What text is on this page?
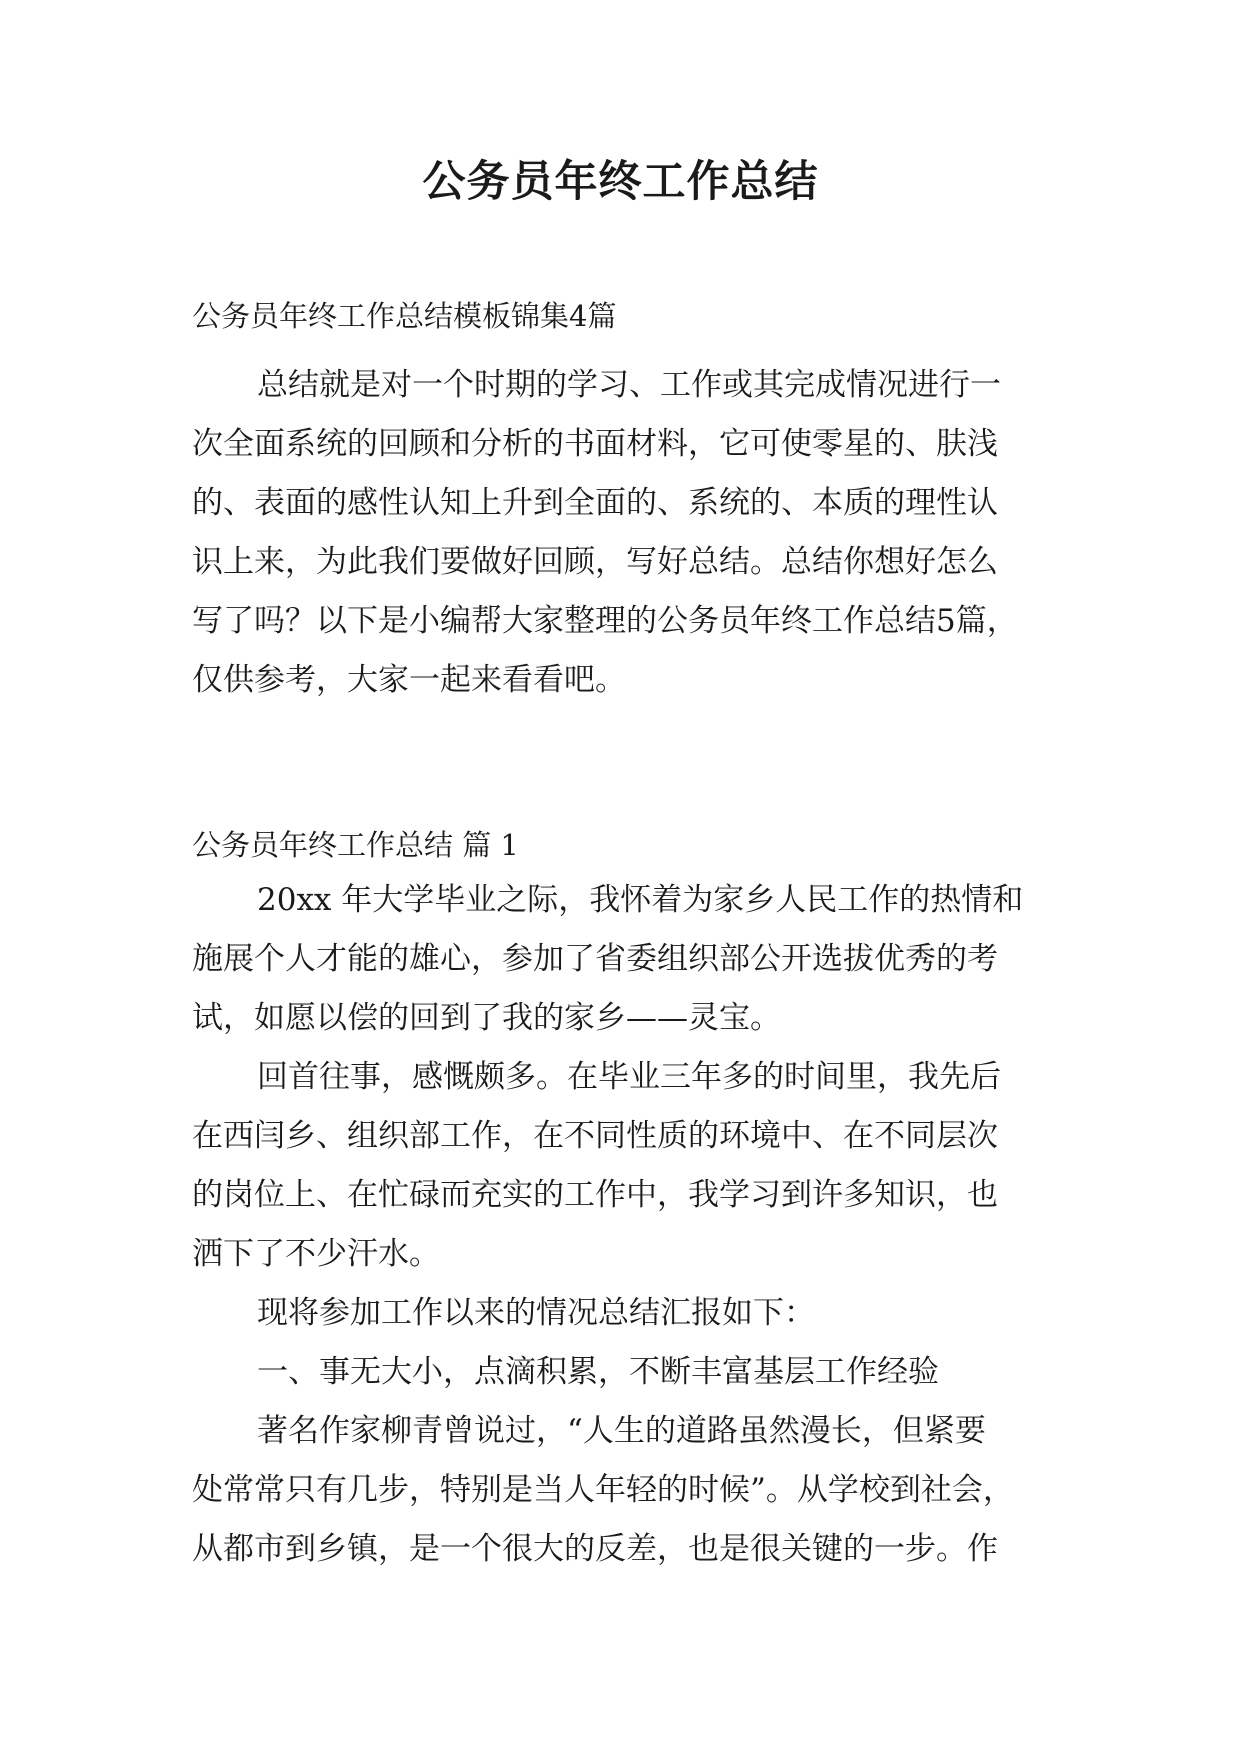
公务员年终工作总结

公务员年终工作总结模板锦集4篇

总结就是对一个时期的学习、工作或其完成情况进行一
次全面系统的回顾和分析的书面材料，它可使零星的、肤浅
的、表面的感性认知上升到全面的、系统的、本质的理性认
识上来，为此我们要做好回顾，写好总结。总结你想好怎么
写了吗？以下是小编帮大家整理的公务员年终工作总结5篇，
仅供参考，大家一起来看看吧。

公务员年终工作总结 篇 1

20xx 年大学毕业之际，我怀着为家乡人民工作的热情和
施展个人才能的雄心，参加了省委组织部公开选拔优秀的考
试，如愿以偿的回到了我的家乡——灵宝。
回首往事，感慨颇多。在毕业三年多的时间里，我先后
在西闫乡、组织部工作，在不同性质的环境中、在不同层次
的岗位上、在忙碌而充实的工作中，我学习到许多知识，也
洒下了不少汗水。
现将参加工作以来的情况总结汇报如下：
一、事无大小，点滴积累，不断丰富基层工作经验
著名作家柳青曾说过，“人生的道路虽然漫长，但紧要
处常常只有几步，特别是当人年轻的时候”。从学校到社会，
从都市到乡镇，是一个很大的反差，也是很关键的一步。作
